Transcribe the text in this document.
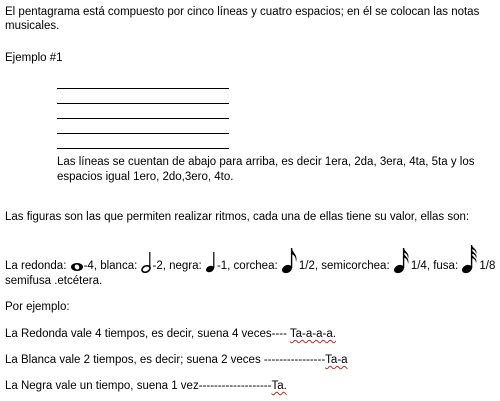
El pentagrama está compuesto por cinco líneas y cuatro espacios; en él se colocan las notas musicales.
Ejemplo #1
Las líneas se cuentan de abajo para arriba, es decir 1era, 2da, 3era, 4ta, 5ta y los espacios igual 1ero, 2do,3ero, 4to.
Las figuras son las que permiten realizar ritmos, cada una de ellas tiene su valor, ellas son:
La redonda: -4, blanca: -2, negra: -1, corchea: 1/2, semicorchea: 1/4, fusa: 1/8
semifusa .etcétera.
Por ejemplo:
La Redonda vale 4 tiempos, es decir, suena 4 veces---- Ta-a-a-a.
La Blanca vale 2 tiempos, es decir; suena 2 veces ----------------Ta-a
La Negra vale un tiempo, suena 1 vez-------------------Ta.
